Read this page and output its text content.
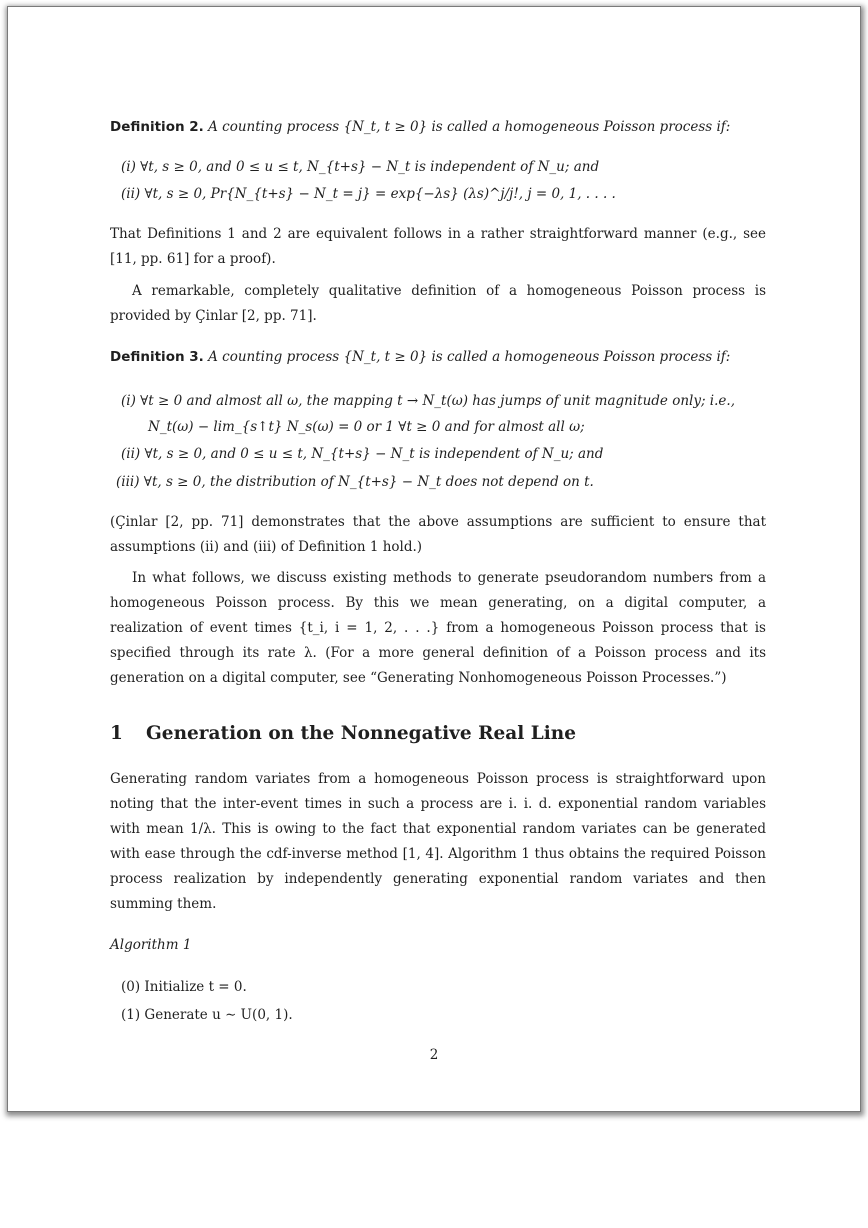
Definition 2. A counting process {N_t, t ≥ 0} is called a homogeneous Poisson process if:
(i) ∀t, s ≥ 0, and 0 ≤ u ≤ t, N_{t+s} − N_t is independent of N_u; and
(ii) ∀t, s ≥ 0, Pr{N_{t+s} − N_t = j} = exp{−λs} (λs)^j/j!, j = 0, 1, . . . .

That Definitions 1 and 2 are equivalent follows in a rather straightforward manner (e.g., see [11, pp. 61] for a proof).

A remarkable, completely qualitative definition of a homogeneous Poisson process is provided by Çinlar [2, pp. 71].

Definition 3. A counting process {N_t, t ≥ 0} is called a homogeneous Poisson process if:
(i) ∀t ≥ 0 and almost all ω, the mapping t → N_t(ω) has jumps of unit magnitude only; i.e.,
N_t(ω) − lim_{s↑t} N_s(ω) = 0 or 1 ∀t ≥ 0 and for almost all ω;
(ii) ∀t, s ≥ 0, and 0 ≤ u ≤ t, N_{t+s} − N_t is independent of N_u; and
(iii) ∀t, s ≥ 0, the distribution of N_{t+s} − N_t does not depend on t.

(Çinlar [2, pp. 71] demonstrates that the above assumptions are sufficient to ensure that assumptions (ii) and (iii) of Definition 1 hold.)

In what follows, we discuss existing methods to generate pseudorandom numbers from a homogeneous Poisson process. By this we mean generating, on a digital computer, a realization of event times {t_i, i = 1, 2, . . .} from a homogeneous Poisson process that is specified through its rate λ. (For a more general definition of a Poisson process and its generation on a digital computer, see “Generating Nonhomogeneous Poisson Processes.”)

1 Generation on the Nonnegative Real Line

Generating random variates from a homogeneous Poisson process is straightforward upon noting that the inter-event times in such a process are i. i. d. exponential random variables with mean 1/λ. This is owing to the fact that exponential random variates can be generated with ease through the cdf-inverse method [1, 4]. Algorithm 1 thus obtains the required Poisson process realization by independently generating exponential random variates and then summing them.

Algorithm 1
(0) Initialize t = 0.
(1) Generate u ∼ U(0, 1).
2
